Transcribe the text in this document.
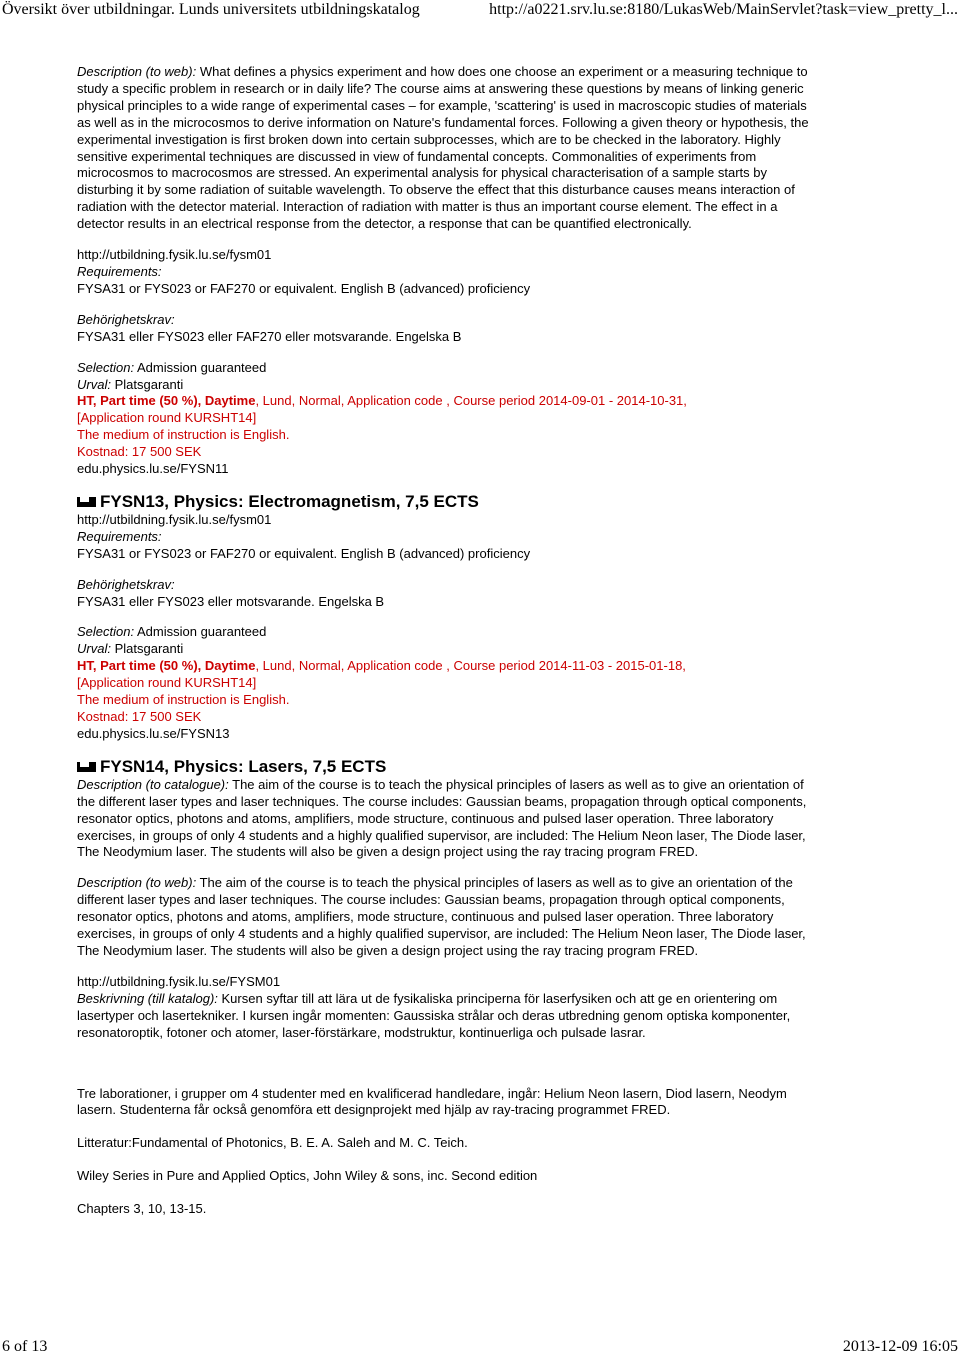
Översikt över utbildningar. Lunds universitets utbildningskatalog	http://a0221.srv.lu.se:8180/LukasWeb/MainServlet?task=view_pretty_l...

Description (to web): What defines a physics experiment and how does one choose an experiment or a measuring technique to study a specific problem in research or in daily life? The course aims at answering these questions by means of linking generic physical principles to a wide range of experimental cases – for example, 'scattering' is used in macroscopic studies of materials as well as in the microcosmos to derive information on Nature's fundamental forces. Following a given theory or hypothesis, the experimental investigation is first broken down into certain subprocesses, which are to be checked in the laboratory. Highly sensitive experimental techniques are discussed in view of fundamental concepts. Commonalities of experiments from microcosmos to macrocosmos are stressed. An experimental analysis for physical characterisation of a sample starts by disturbing it by some radiation of suitable wavelength. To observe the effect that this disturbance causes means interaction of radiation with the detector material. Interaction of radiation with matter is thus an important course element. The effect in a detector results in an electrical response from the detector, a response that can be quantified electronically.

http://utbildning.fysik.lu.se/fysm01

Requirements:

FYSA31 or FYS023 or FAF270 or equivalent. English B (advanced) proficiency

Behörighetskrav:

FYSA31 eller FYS023 eller FAF270 eller motsvarande. Engelska B

Selection: Admission guaranteed

Urval: Platsgaranti

HT, Part time (50 %), Daytime, Lund, Normal, Application code , Course period 2014-09-01 - 2014-10-31,

[Application round KURSHT14]

The medium of instruction is English.

Kostnad: 17 500 SEK

edu.physics.lu.se/FYSN11

FYSN13, Physics: Electromagnetism, 7,5 ECTS

http://utbildning.fysik.lu.se/fysm01

Requirements:

FYSA31 or FYS023 or FAF270 or equivalent. English B (advanced) proficiency

Behörighetskrav:

FYSA31 eller FYS023 eller motsvarande. Engelska B

Selection: Admission guaranteed

Urval: Platsgaranti

HT, Part time (50 %), Daytime, Lund, Normal, Application code , Course period 2014-11-03 - 2015-01-18,

[Application round KURSHT14]

The medium of instruction is English.

Kostnad: 17 500 SEK

edu.physics.lu.se/FYSN13

FYSN14, Physics: Lasers, 7,5 ECTS

Description (to catalogue): The aim of the course is to teach the physical principles of lasers as well as to give an orientation of the different laser types and laser techniques. The course includes: Gaussian beams, propagation through optical components, resonator optics, photons and atoms, amplifiers, mode structure, continuous and pulsed laser operation. Three laboratory exercises, in groups of only 4 students and a highly qualified supervisor, are included: The Helium Neon laser, The Diode laser, The Neodymium laser. The students will also be given a design project using the ray tracing program FRED.

Description (to web): The aim of the course is to teach the physical principles of lasers as well as to give an orientation of the different laser types and laser techniques. The course includes: Gaussian beams, propagation through optical components, resonator optics, photons and atoms, amplifiers, mode structure, continuous and pulsed laser operation. Three laboratory exercises, in groups of only 4 students and a highly qualified supervisor, are included: The Helium Neon laser, The Diode laser, The Neodymium laser. The students will also be given a design project using the ray tracing program FRED.

http://utbildning.fysik.lu.se/FYSM01

Beskrivning (till katalog): Kursen syftar till att lära ut de fysikaliska principerna för laserfysiken och att ge en orientering om lasertyper och lasertekniker. I kursen ingår momenten: Gaussiska strålar och deras utbredning genom optiska komponenter, resonatoroptik, fotoner och atomer, laser-förstärkare, modstruktur, kontinuerliga och pulsade lasrar.

Tre laborationer, i grupper om 4 studenter med en kvalificerad handledare, ingår: Helium Neon lasern, Diod lasern, Neodym lasern. Studenterna får också genomföra ett designprojekt med hjälp av ray-tracing programmet FRED.

Litteratur:Fundamental of Photonics, B. E. A. Saleh and M. C. Teich.

Wiley Series in Pure and Applied Optics, John Wiley & sons, inc. Second edition

Chapters 3, 10, 13-15.

6 of 13	2013-12-09 16:05
